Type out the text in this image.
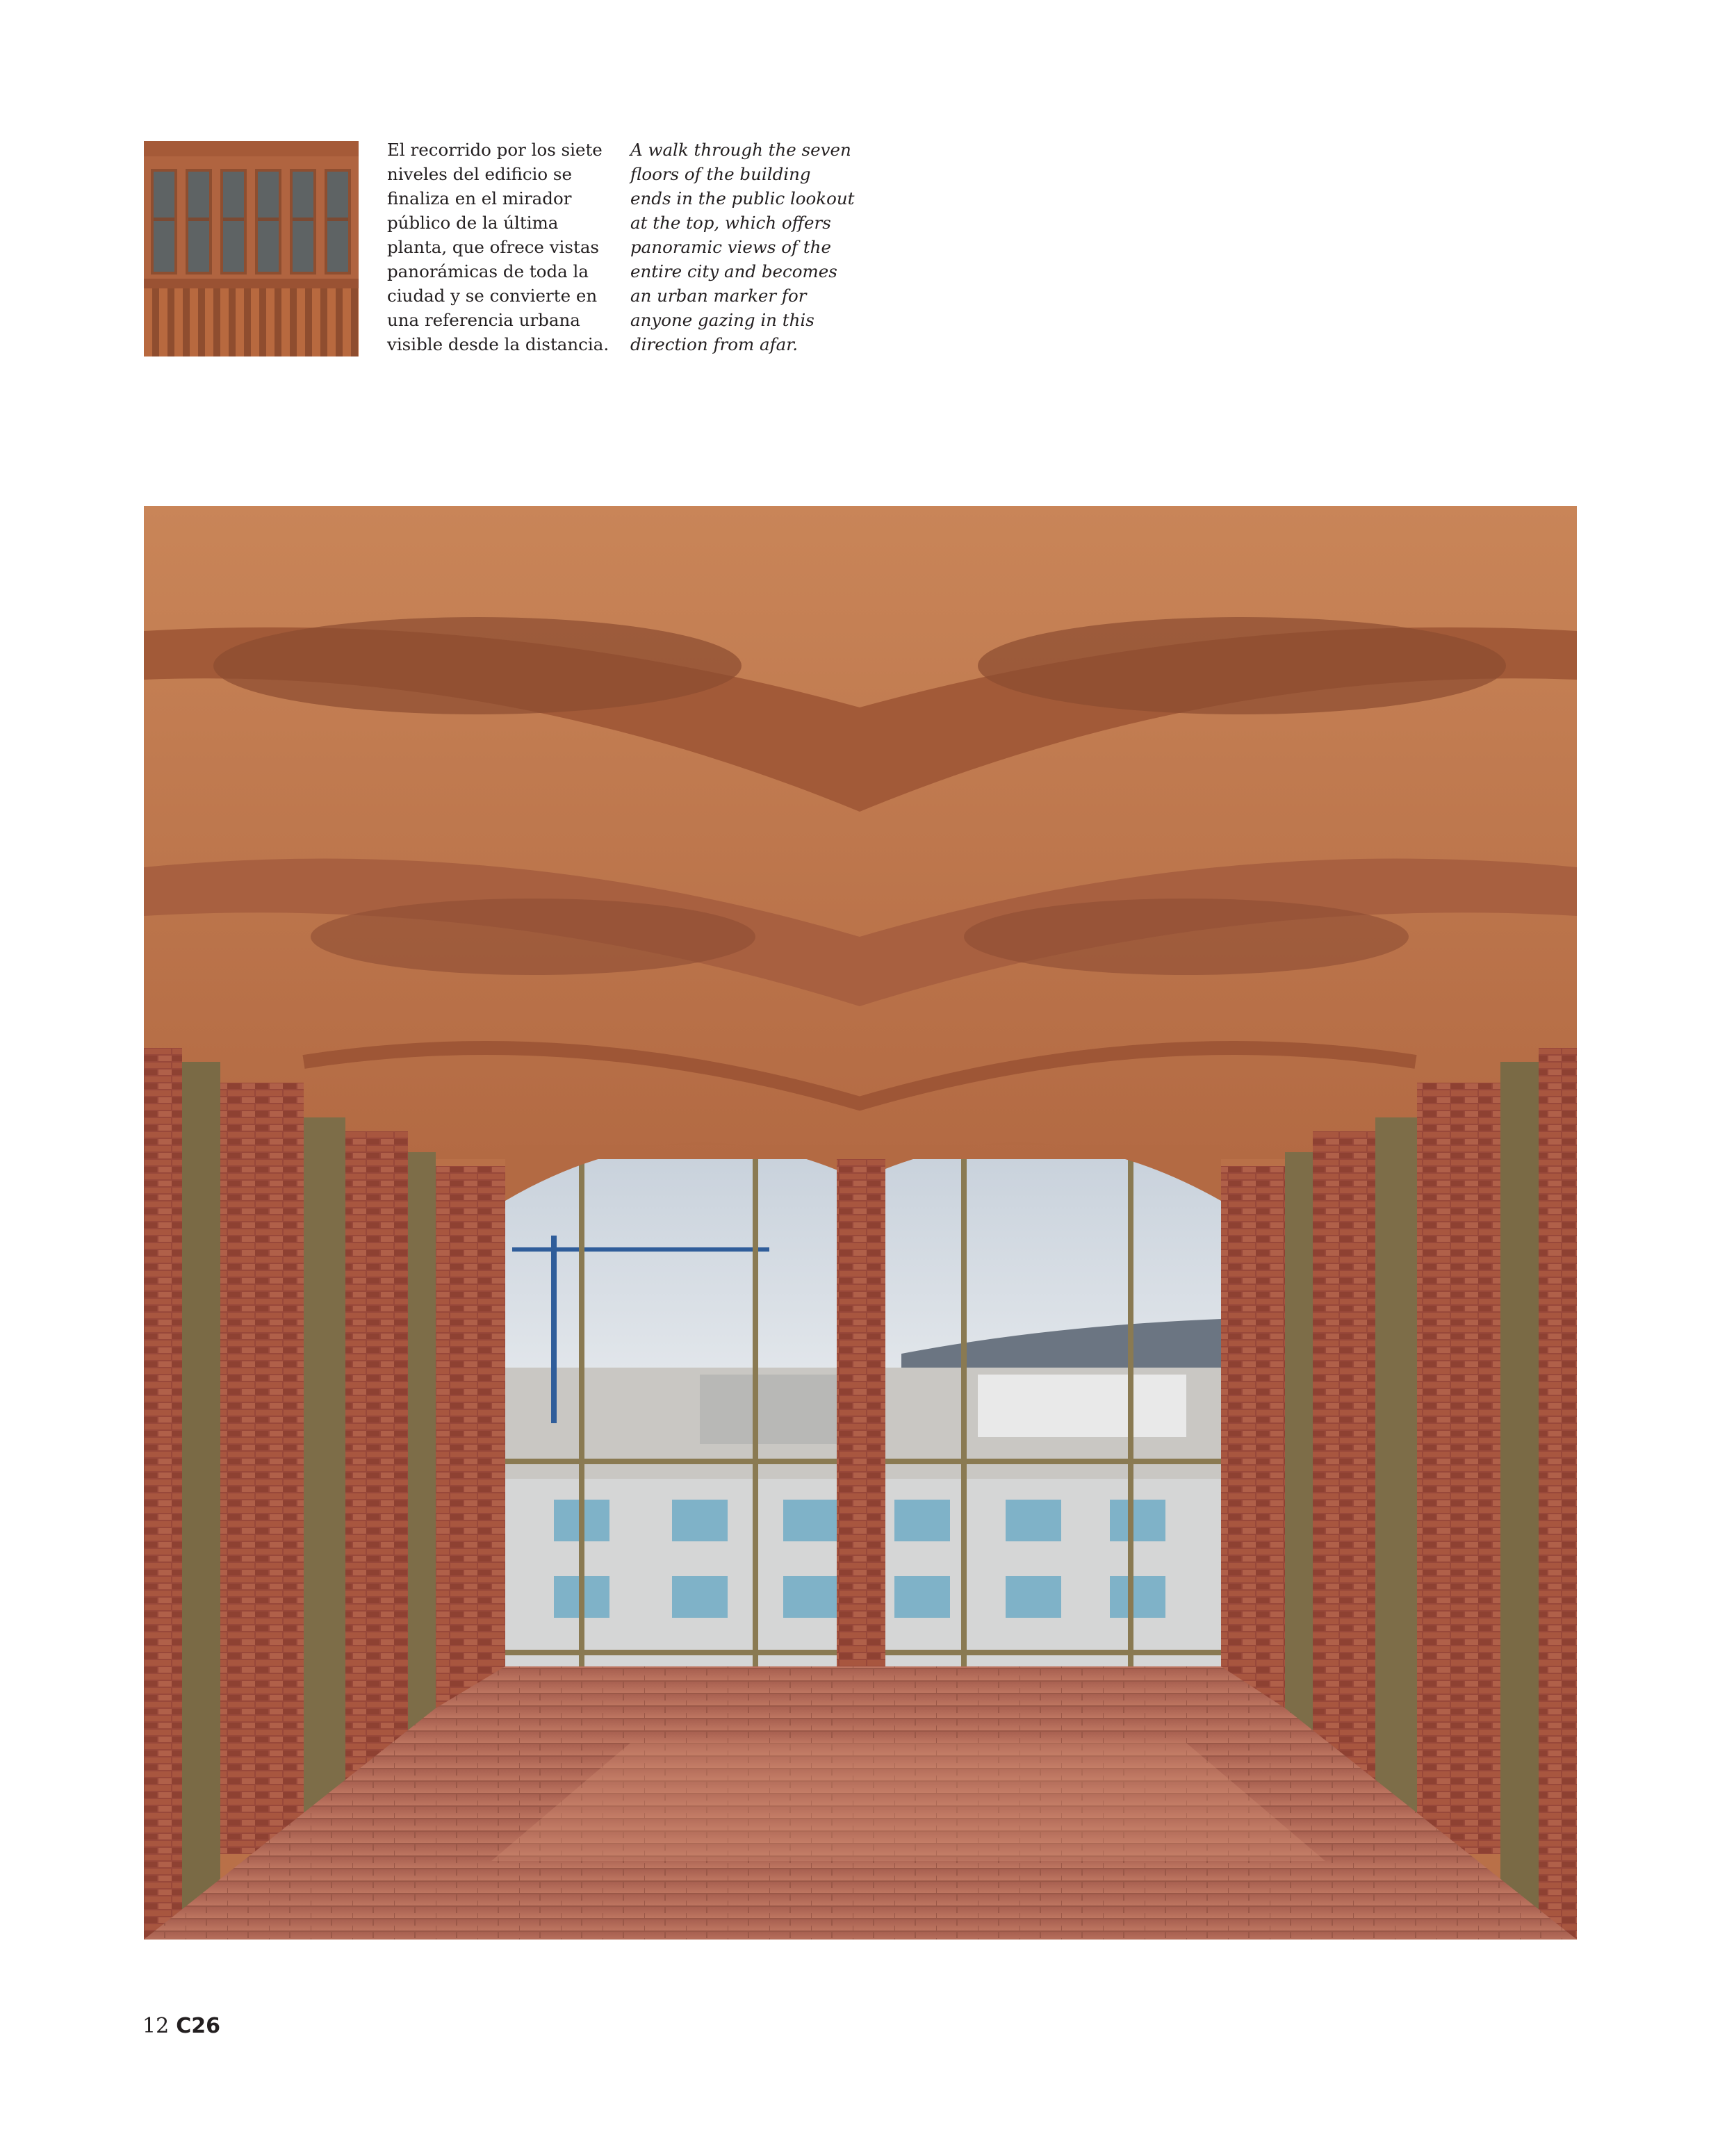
El recorrido por los siete
niveles del edificio se
finaliza en el mirador
público de la última
planta, que ofrece vistas
panorámicas de toda la
ciudad y se convierte en
una referencia urbana
visible desde la distancia.
A walk through the seven
floors of the building
ends in the public lookout
at the top, which offers
panoramic views of the
entire city and becomes
an urban marker for
anyone gazing in this
direction from afar.
12 C26
